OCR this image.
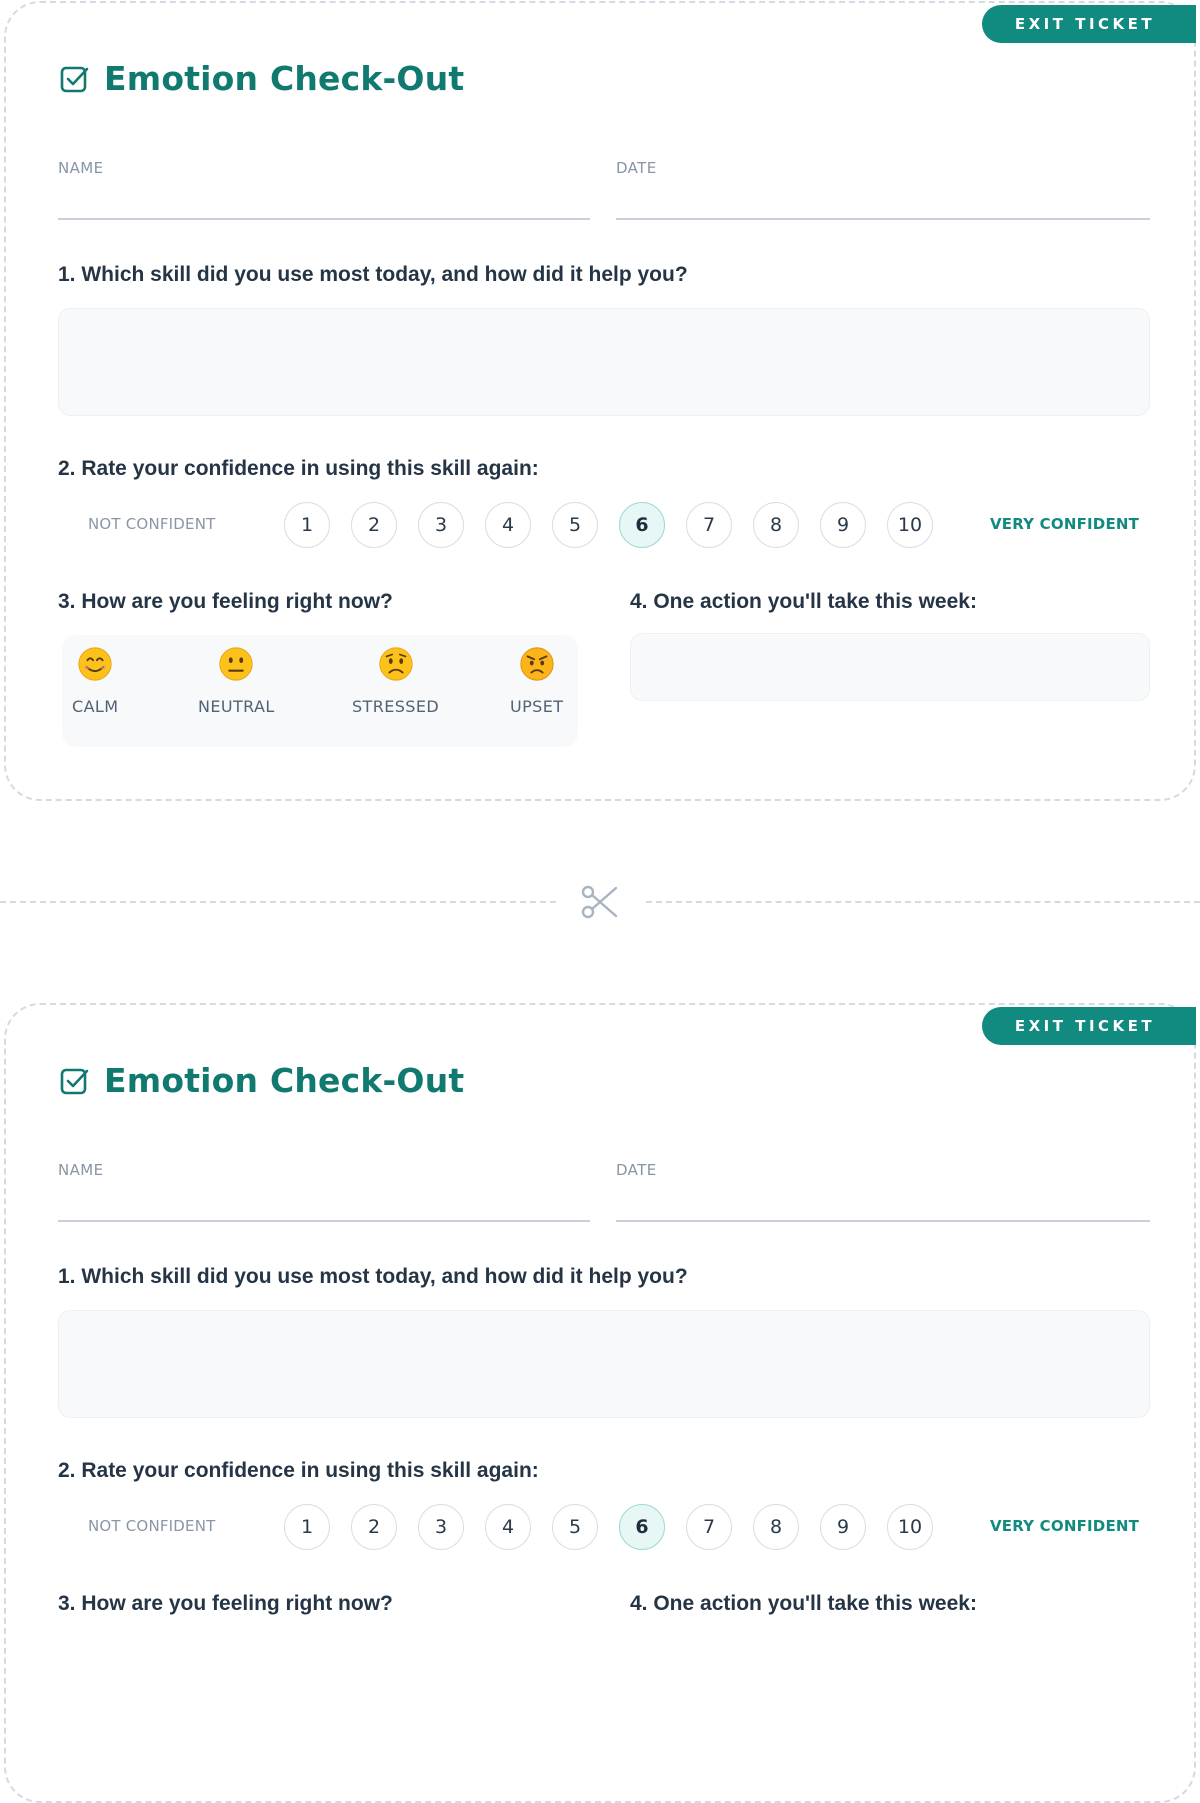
EXIT TICKET
Emotion Check-Out
NAME	DATE
1. Which skill did you use most today, and how did it help you?
2. Rate your confidence in using this skill again:
NOT CONFIDENT	1	2	3	4	5	6	7	8	9	10	VERY CONFIDENT
3. How are you feeling right now?
CALM	NEUTRAL	STRESSED	UPSET
4. One action you'll take this week:
EXIT TICKET
Emotion Check-Out
NAME	DATE
1. Which skill did you use most today, and how did it help you?
2. Rate your confidence in using this skill again:
NOT CONFIDENT	1	2	3	4	5	6	7	8	9	10	VERY CONFIDENT
3. How are you feeling right now?	4. One action you'll take this week:
